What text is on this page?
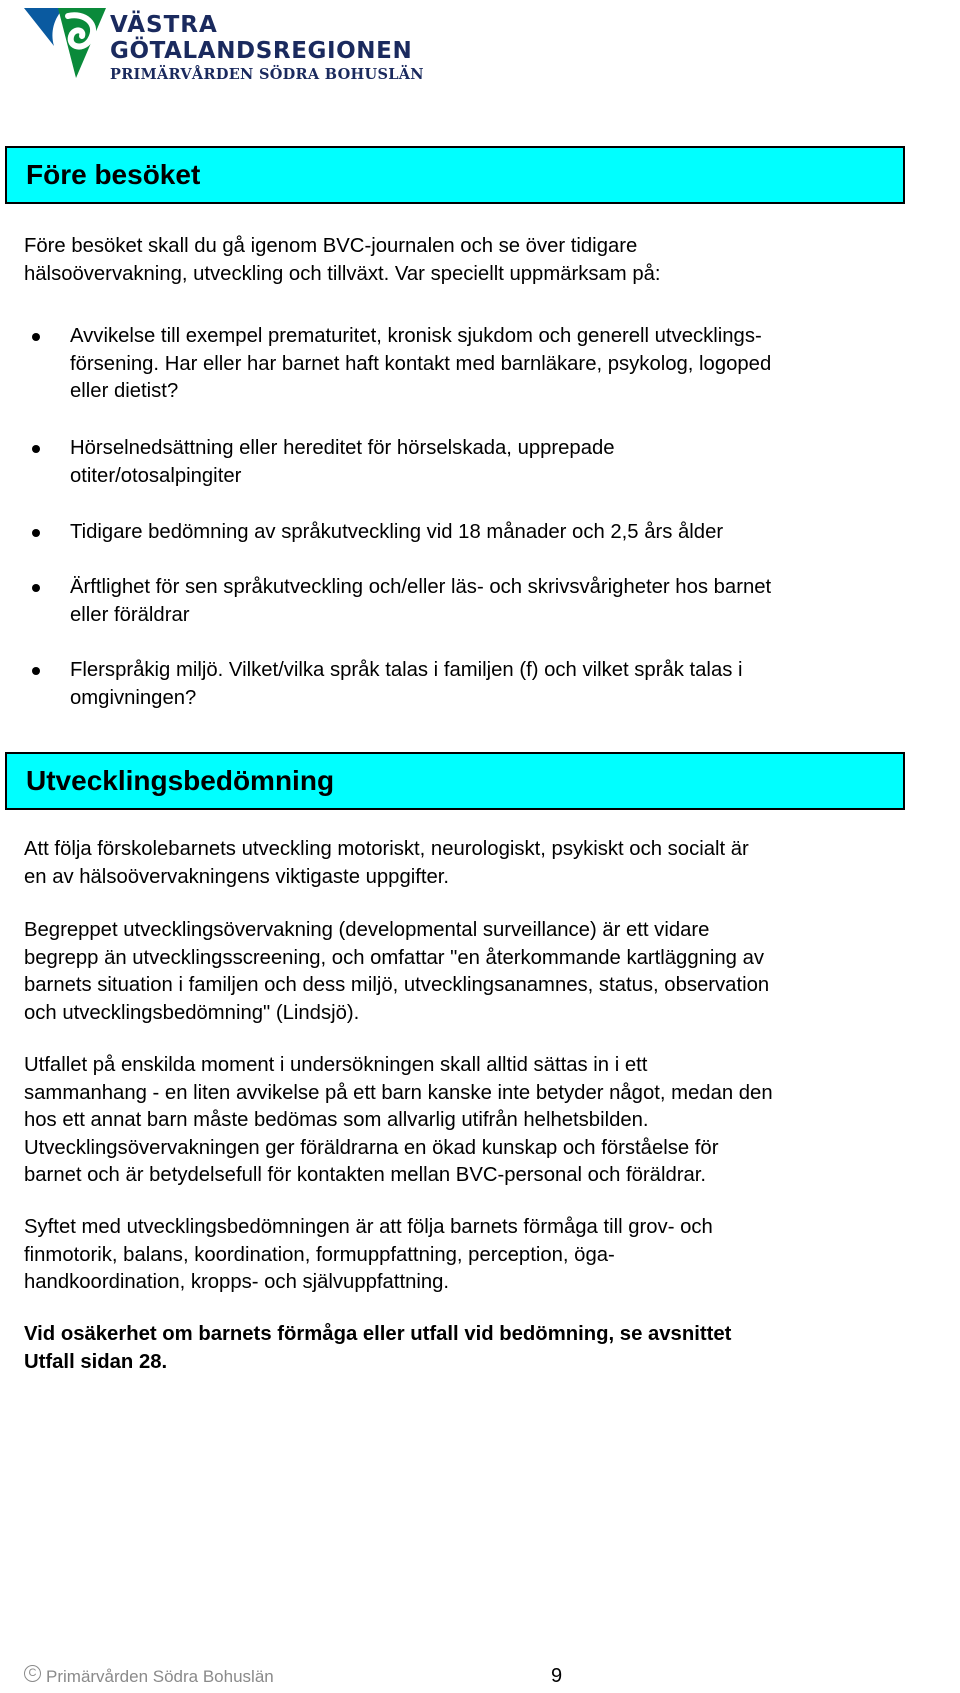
VÄSTRA
GÖTALANDSREGIONEN
PRIMÄRVÅRDEN SÖDRA BOHUSLÄN
Före besöket

Före besöket skall du gå igenom BVC-journalen och se över tidigare
hälsoövervakning, utveckling och tillväxt. Var speciellt uppmärksam på:

Avvikelse till exempel prematuritet, kronisk sjukdom och generell utvecklings-
försening. Har eller har barnet haft kontakt med barnläkare, psykolog, logoped
eller dietist?
Hörselnedsättning eller hereditet för hörselskada, upprepade
otiter/otosalpingiter
Tidigare bedömning av språkutveckling vid 18 månader och 2,5 års ålder
Ärftlighet för sen språkutveckling och/eller läs- och skrivsvårigheter hos barnet
eller föräldrar
Flerspråkig miljö. Vilket/vilka språk talas i familjen (f) och vilket språk talas i
omgivningen?
Utvecklingsbedömning

Att följa förskolebarnets utveckling motoriskt, neurologiskt, psykiskt och socialt är
en av hälsoövervakningens viktigaste uppgifter.

Begreppet utvecklingsövervakning (developmental surveillance) är ett vidare
begrepp än utvecklingsscreening, och omfattar "en återkommande kartläggning av
barnets situation i familjen och dess miljö, utvecklingsanamnes, status, observation
och utvecklingsbedömning" (Lindsjö).

Utfallet på enskilda moment i undersökningen skall alltid sättas in i ett
sammanhang - en liten avvikelse på ett barn kanske inte betyder något, medan den
hos ett annat barn måste bedömas som allvarlig utifrån helhetsbilden.
Utvecklingsövervakningen ger föräldrarna en ökad kunskap och förståelse för
barnet och är betydelsefull för kontakten mellan BVC-personal och föräldrar.

Syftet med utvecklingsbedömningen är att följa barnets förmåga till grov- och
finmotorik, balans, koordination, formuppfattning, perception, öga-
handkoordination, kropps- och självuppfattning.

Vid osäkerhet om barnets förmåga eller utfall vid bedömning, se avsnittet
Utfall sidan 28.

C Primärvården Södra Bohuslän	9
